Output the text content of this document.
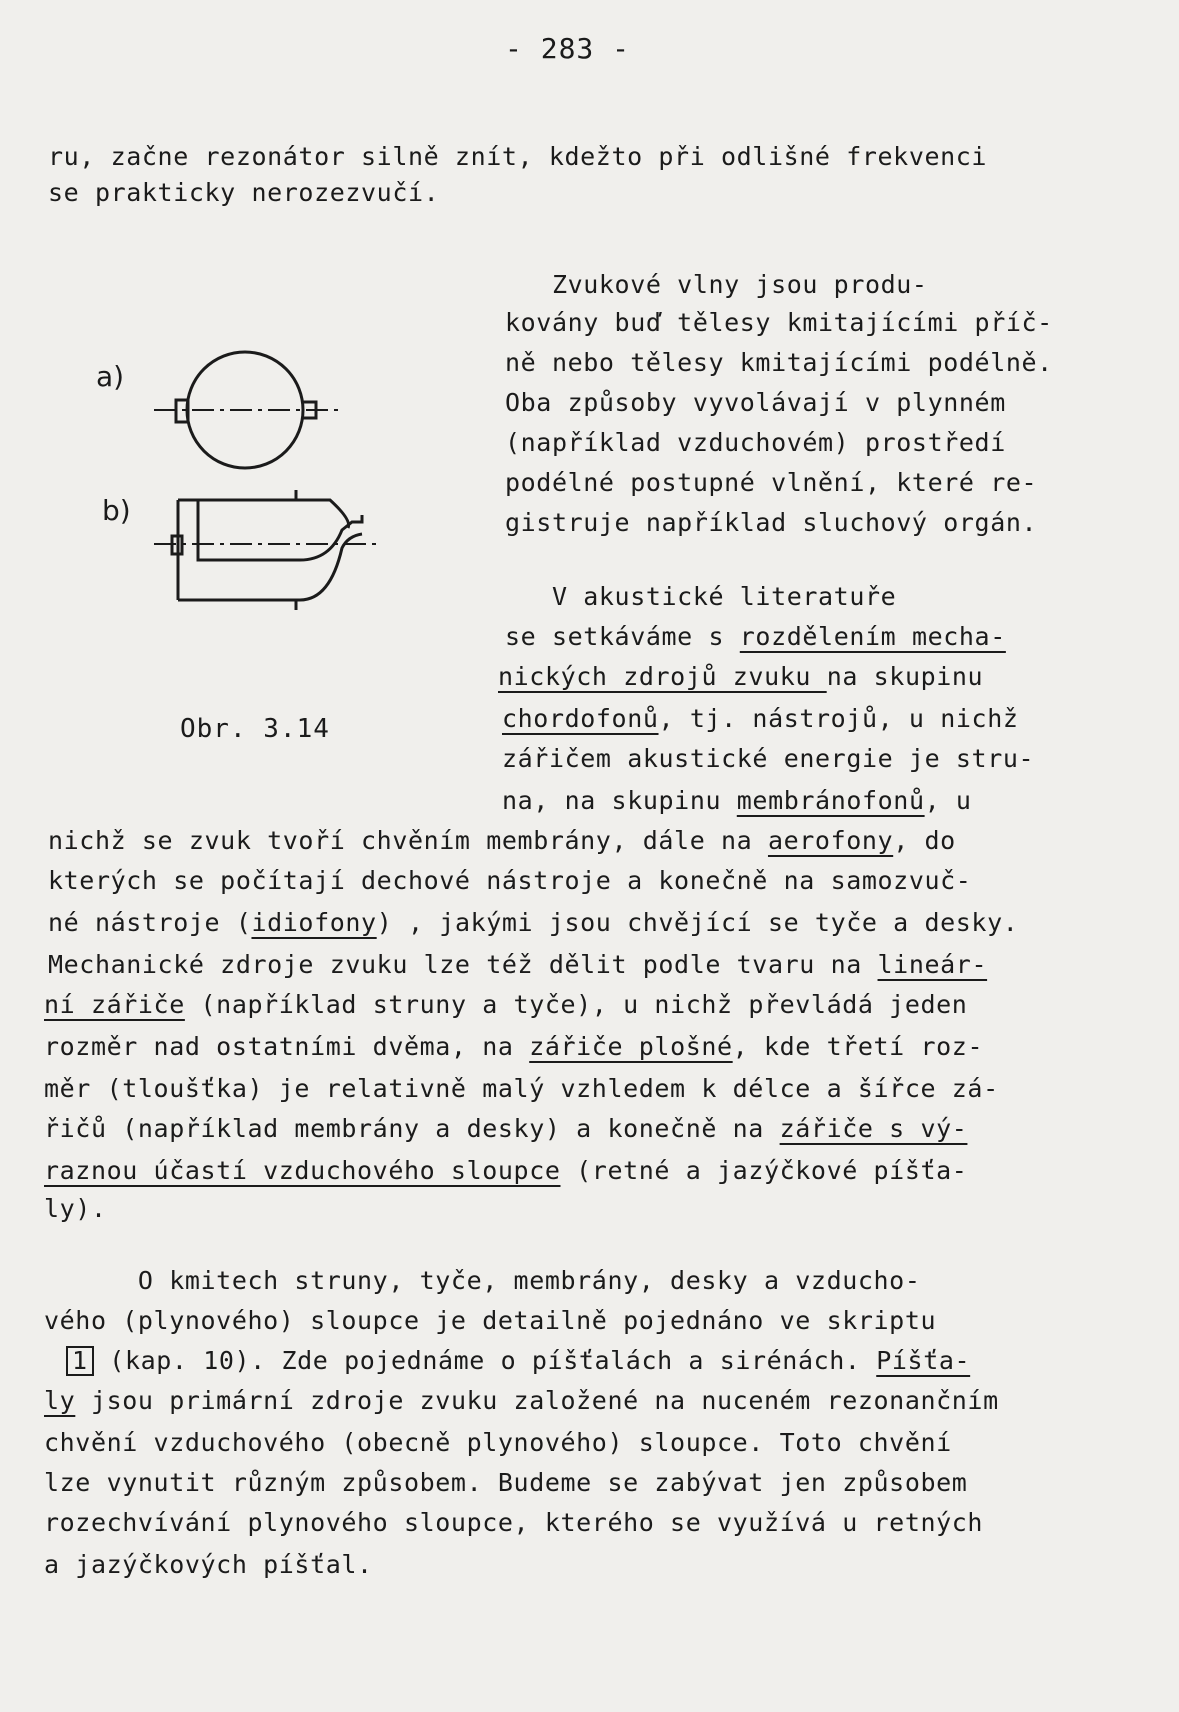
- 283 -
ru, začne rezonátor silně znít, kdežto při odlišné frekvenci
se prakticky nerozezvučí.
a)
b)
Obr. 3.14
Zvukové vlny jsou produ-
kovány buď tělesy kmitajícími příč-
ně nebo tělesy kmitajícími podélně.
Oba způsoby vyvolávají v plynném
(například vzduchovém) prostředí
podélné postupné vlnění, které re-
gistruje například sluchový orgán.
V akustické literatuře
se setkáváme s rozdělením mecha-
nických zdrojů zvuku na skupinu
chordofonů, tj. nástrojů, u nichž
zářičem akustické energie je stru-
na, na skupinu membránofonů, u
nichž se zvuk tvoří chvěním membrány, dále na aerofony, do
kterých se počítají dechové nástroje a konečně na samozvuč-
né nástroje (idiofony) , jakými jsou chvějící se tyče a desky.
Mechanické zdroje zvuku lze též dělit podle tvaru na lineár-
ní zářiče (například struny a tyče), u nichž převládá jeden
rozměr nad ostatními dvěma, na zářiče plošné, kde třetí roz-
měr (tloušťka) je relativně malý vzhledem k délce a šířce zá-
řičů (například membrány a desky) a konečně na zářiče s vý-
raznou účastí vzduchového sloupce (retné a jazýčkové píšťa-
ly).
O kmitech struny, tyče, membrány, desky a vzducho-
vého (plynového) sloupce je detailně pojednáno ve skriptu
1 (kap. 10). Zde pojednáme o píšťalách a sirénách. Píšťa-
ly jsou primární zdroje zvuku založené na nuceném rezonančním
chvění vzduchového (obecně plynového) sloupce. Toto chvění
lze vynutit různým způsobem. Budeme se zabývat jen způsobem
rozechvívání plynového sloupce, kterého se využívá u retných
a jazýčkových píšťal.
